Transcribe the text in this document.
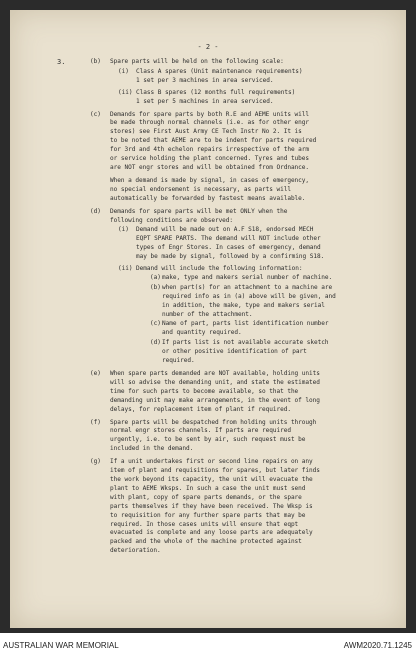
- 2 -
3.	(b) Spare parts will be held on the following scale:
(i) Class A spares (Unit maintenance requirements)
1 set per 3 machines in area serviced.
(ii) Class B spares (12 months full requirements)
1 set per 5 machines in area serviced.
(c) Demands for spare parts by both R.E and AEME units will
be made through normal channels (i.e. as for other engr
stores) see First Aust Army CE Tech Instr No 2. It is
to be noted that AEME are to be indent for parts required
for 3rd and 4th echelon repairs irrespective of the arm
or service holding the plant concerned. Tyres and tubes
are NOT engr stores and will be obtained from Ordnance.
When a demand is made by signal, in cases of emergency,
no special endorsement is necessary, as parts will
automatically be forwarded by fastest means available.
(d) Demands for spare parts will be met ONLY when the
following conditions are observed:
(i) Demand will be made out on A.F S18, endorsed MECH
EQPT SPARE PARTS. The demand will NOT include other
types of Engr Stores. In cases of emergency, demand
may be made by signal, followed by a confirming S18.
(ii) Demand will include the following information:
(a) make, type and makers serial number of machine.
(b) when part(s) for an attachment to a machine are
required info as in (a) above will be given, and
in addition, the make, type and makers serial
number of the attachment.
(c) Name of part, parts list identification number
and quantity required.
(d) If parts list is not available accurate sketch
or other positive identification of part
required.
(e) When spare parts demanded are NOT available, holding units
will so advise the demanding unit, and state the estimated
time for such parts to become available, so that the
demanding unit may make arrangements, in the event of long
delays, for replacement item of plant if required.
(f) Spare parts will be despatched from holding units through
normal engr stores channels. If parts are required
urgently, i.e. to be sent by air, such request must be
included in the demand.
(g) If a unit undertakes first or second line repairs on any
item of plant and requisitions for spares, but later finds
the work beyond its capacity, the unit will evacuate the
plant to AEME Wksps. In such a case the unit must send
with plant, copy of spare parts demands, or the spare
parts themselves if they have been received. The Wksp is
to requisition for any further spare parts that may be
required. In those cases units will ensure that eqpt
evacuated is complete and any loose parts are adequately
packed and the whole of the machine protected against
deterioration.
AUSTRALIAN WAR MEMORIAL	AWM2020.71.1245
